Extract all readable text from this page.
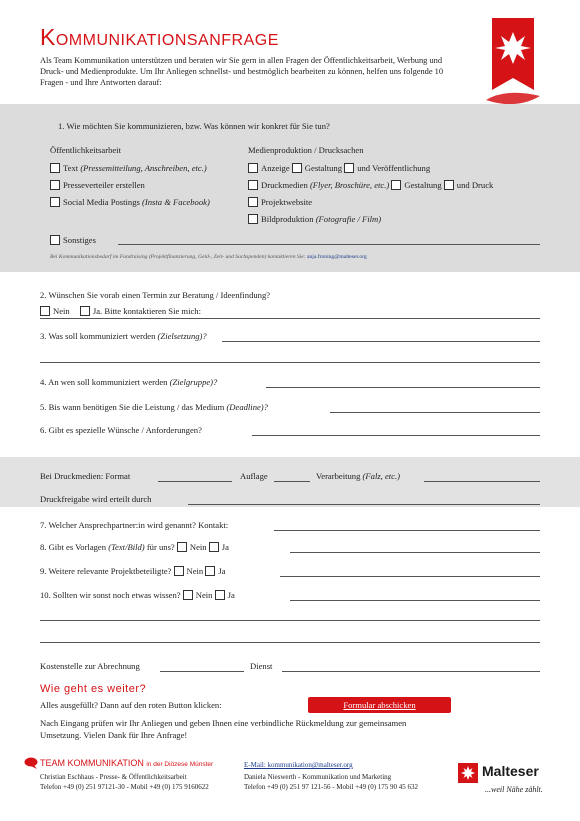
Kommunikationsanfrage
Als Team Kommunikation unterstützen und beraten wir Sie gern in allen Fragen der Öffentlichkeitsarbeit, Werbung und Druck- und Medienprodukte. Um Ihr Anliegen schnellst- und bestmöglich bearbeiten zu können, helfen uns folgende 10 Fragen - und Ihre Antworten darauf:
1. Wie möchten Sie kommunizieren, bzw. Was können wir konkret für Sie tun?
Öffentlichkeitsarbeit	Medienproduktion / Drucksachen
Text (Pressemitteilung, Anschreiben, etc.)
Presseverteiler erstellen
Social Media Postings (Insta & Facebook)
Anzeige Gestaltung und Veröffentlichung
Druckmedien (Flyer, Broschüre, etc.) Gestaltung und Druck
Projektwebsite
Bildproduktion (Fotografie / Film)
Sonstiges
Bei Kommunikationsbedarf im Fundraising (Projektfinanzierung, Geld-, Zeit- und Sachspenden) kontaktieren Sie: anja.froning@malteser.org
2. Wünschen Sie vorab einen Termin zur Beratung / Ideenfindung?
Nein	Ja. Bitte kontaktieren Sie mich:
3. Was soll kommuniziert werden (Zielsetzung)?
4. An wen soll kommuniziert werden (Zielgruppe)?
5. Bis wann benötigen Sie die Leistung / das Medium (Deadline)?
6. Gibt es spezielle Wünsche / Anforderungen?
Bei Druckmedien: Format	Auflage	Verarbeitung (Falz, etc.)
Druckfreigabe wird erteilt durch
7. Welcher Ansprechpartner:in wird genannt? Kontakt:
8. Gibt es Vorlagen (Text/Bild) für uns? Nein Ja
9. Weitere relevante Projektbeteiligte? Nein Ja
10. Sollten wir sonst noch etwas wissen? Nein Ja
Kostenstelle zur Abrechnung	Dienst
Wie geht es weiter?
Alles ausgefüllt? Dann auf den roten Button klicken:	Formular abschicken
Nach Eingang prüfen wir Ihr Anliegen und geben Ihnen eine verbindliche Rückmeldung zur gemeinsamen
Umsetzung. Vielen Dank für Ihre Anfrage!
TEAM KOMMUNIKATION in der Diözese Münster	E-Mail: kommunikation@malteser.org
Christian Eschhaus - Presse- & Öffentlichkeitsarbeit
Telefon +49 (0) 251 97121-30 - Mobil +49 (0) 175 9160622
Daniela Nieswerth - Kommunikation und Marketing
Telefon +49 (0) 251 97 121-56 - Mobil +49 (0) 175 90 45 632
Malteser
...weil Nähe zählt.
